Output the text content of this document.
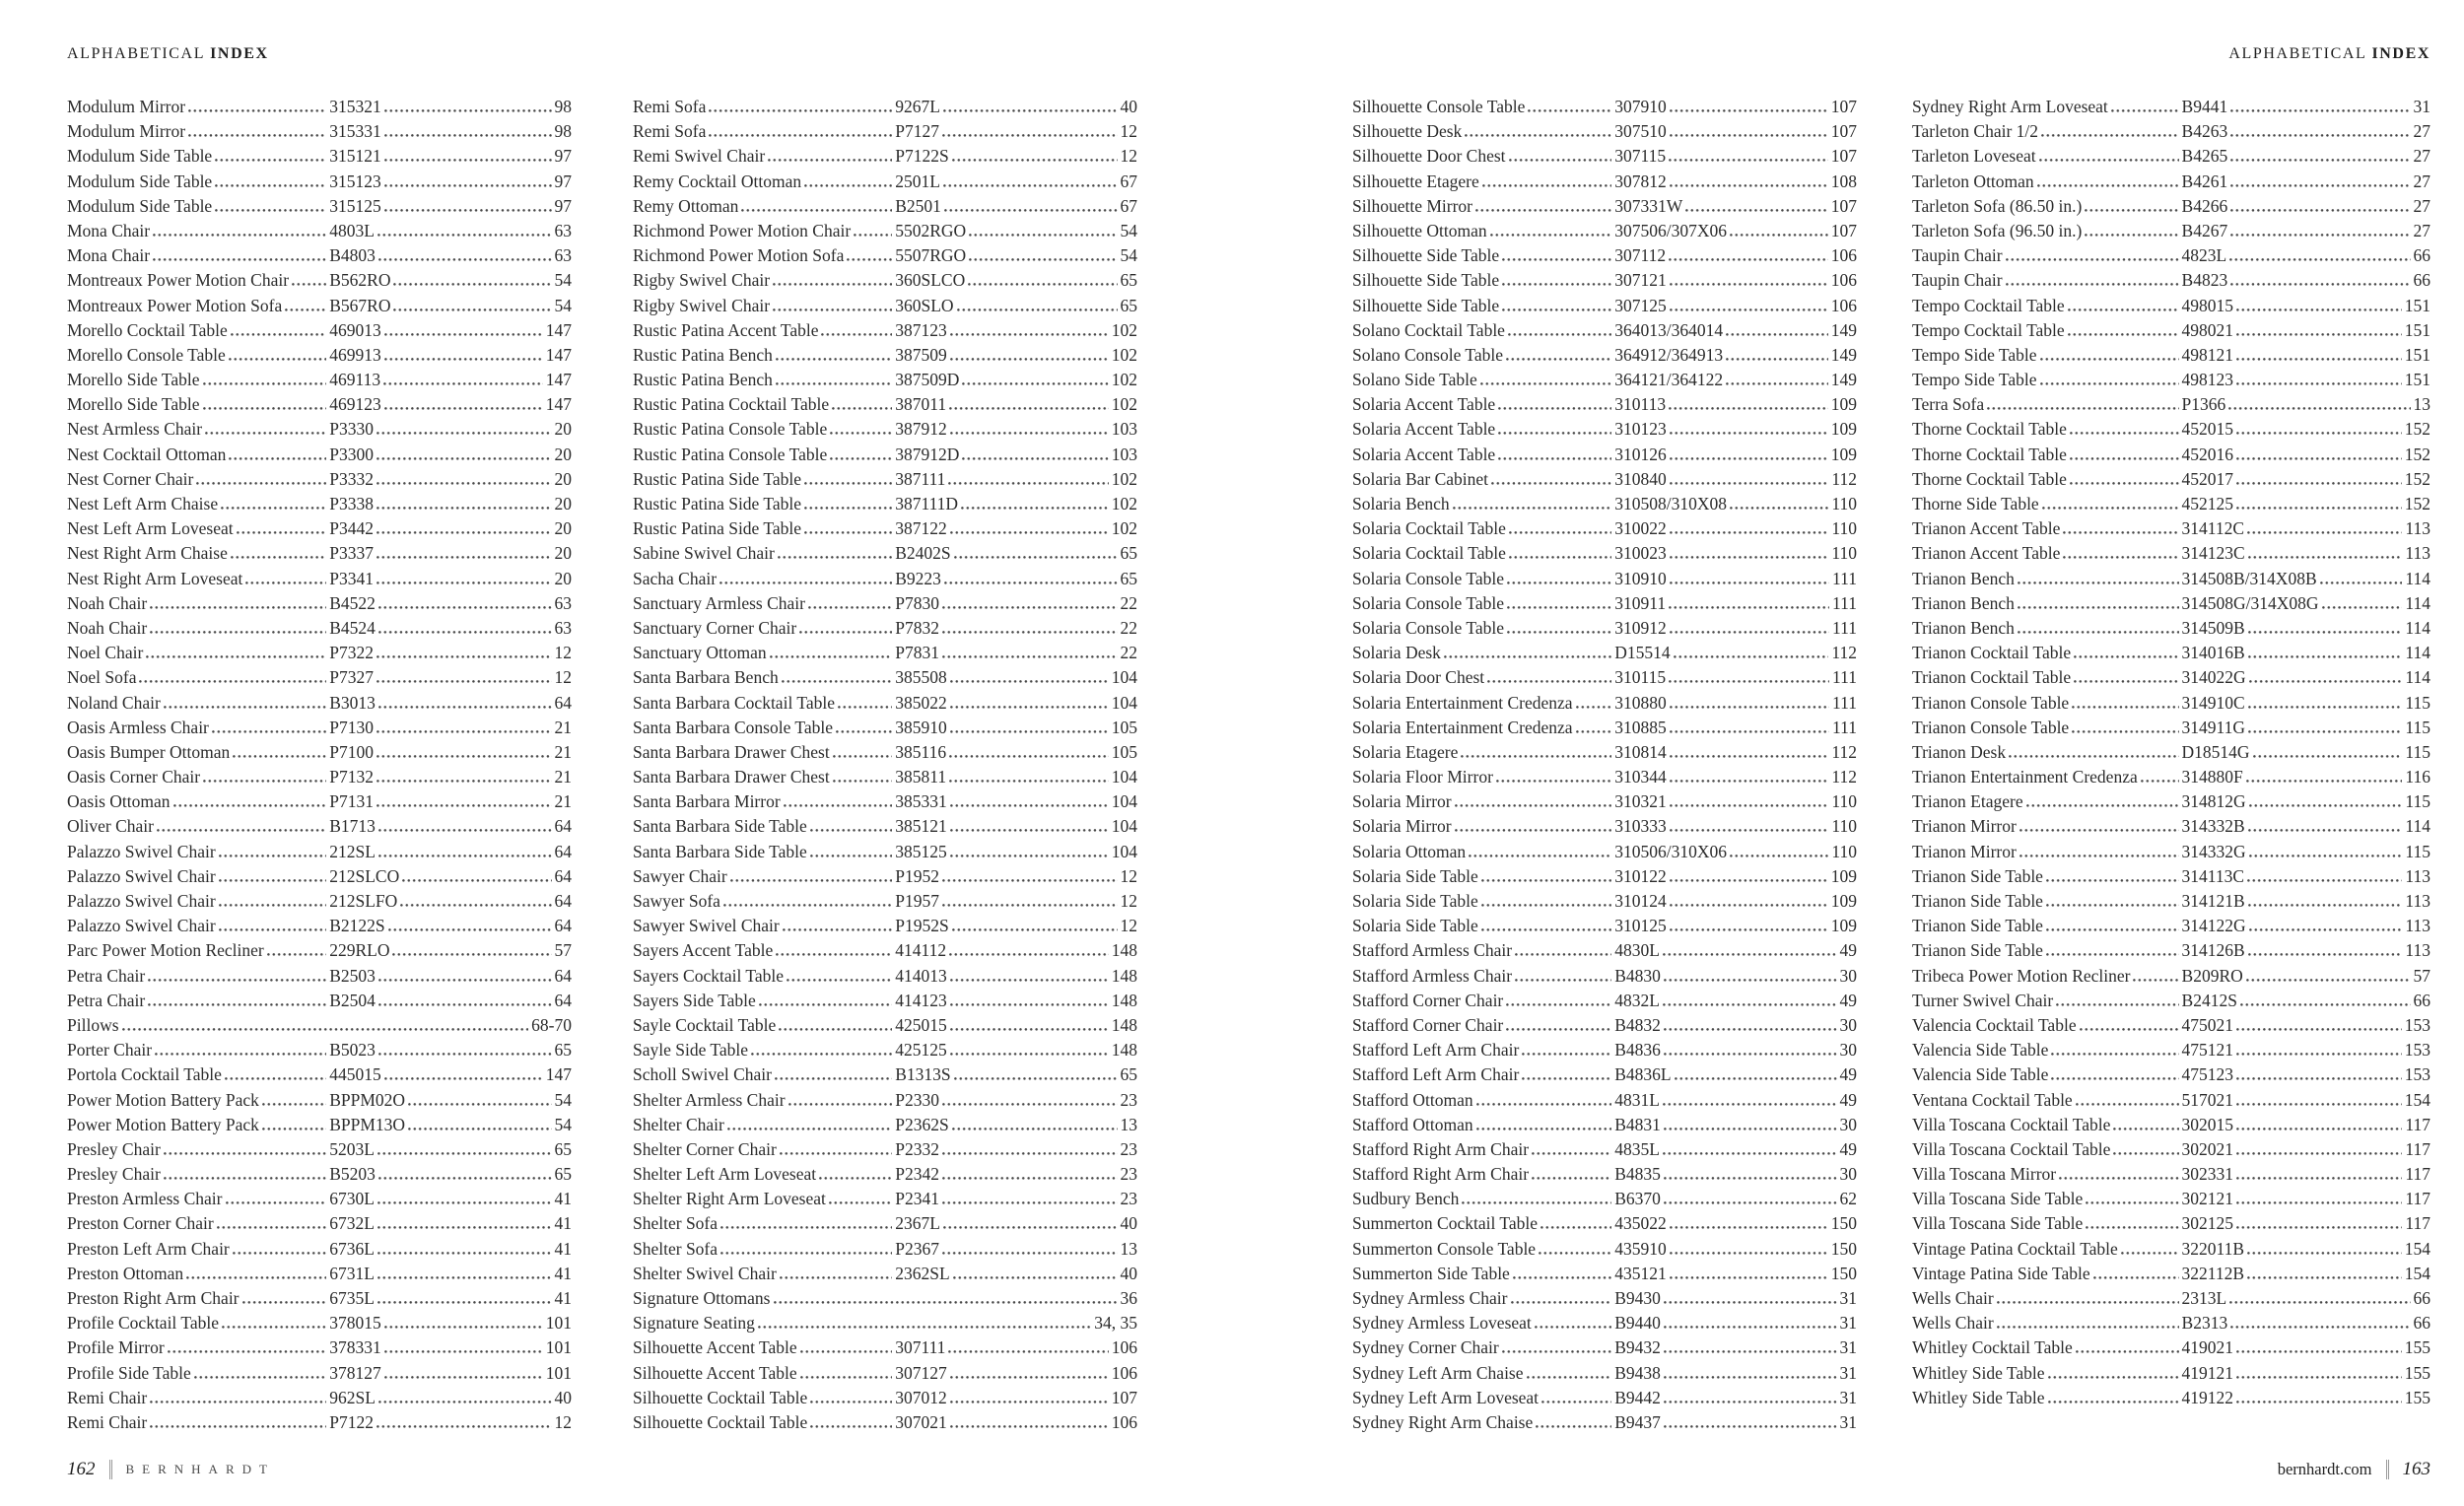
ALPHABETICAL INDEX	ALPHABETICAL INDEX
Modulum Mirror	315321	98
Modulum Mirror	315331	98
Modulum Side Table	315121	97
Modulum Side Table	315123	97
Modulum Side Table	315125	97
Mona Chair	4803L	63
Mona Chair	B4803	63
Montreaux Power Motion Chair B562RO	54
Montreaux Power Motion Sofa	B567RO	54
Morello Cocktail Table	469013	147
Morello Console Table	469913	147
Morello Side Table	469113	147
Morello Side Table	469123	147
Nest Armless Chair	P3330	20
Nest Cocktail Ottoman	P3300	20
Nest Corner Chair	P3332	20
Nest Left Arm Chaise	P3338	20
Nest Left Arm Loveseat	P3442	20
Nest Right Arm Chaise	P3337	20
Nest Right Arm Loveseat	P3341	20
Noah Chair	B4522	63
Noah Chair	B4524	63
Noel Chair	P7322	12
Noel Sofa	P7327	12
Noland Chair	B3013	64
Oasis Armless Chair	P7130	21
Oasis Bumper Ottoman	P7100	21
Oasis Corner Chair	P7132	21
Oasis Ottoman	P7131	21
Oliver Chair	B1713	64
Palazzo Swivel Chair	212SL	64
Palazzo Swivel Chair	212SLCO	64
Palazzo Swivel Chair	212SLFO	64
Palazzo Swivel Chair	B2122S	64
Parc Power Motion Recliner	229RLO	57
Petra Chair	B2503	64
Petra Chair	B2504	64
Pillows	68-70
Porter Chair	B5023	65
Portola Cocktail Table	445015	147
Power Motion Battery Pack	BPPM02O	54
Power Motion Battery Pack	BPPM13O	54
Presley Chair	5203L	65
Presley Chair	B5203	65
Preston Armless Chair	6730L	41
Preston Corner Chair	6732L	41
Preston Left Arm Chair	6736L	41
Preston Ottoman	6731L	41
Preston Right Arm Chair	6735L	41
Profile Cocktail Table	378015	101
Profile Mirror	378331	101
Profile Side Table	378127	101
Remi Chair	962SL	40
Remi Chair	P7122	12
Remi Sofa	9267L	40
Remi Sofa	P7127	12
Remi Swivel Chair	P7122S	12
Remy Cocktail Ottoman	2501L	67
Remy Ottoman	B2501	67
Richmond Power Motion Chair	5502RGO	54
Richmond Power Motion Sofa	5507RGO	54
Rigby Swivel Chair	360SLCO	65
Rigby Swivel Chair	360SLO	65
Rustic Patina Accent Table	387123	102
Rustic Patina Bench	387509	102
Rustic Patina Bench	387509D	102
Rustic Patina Cocktail Table	387011	102
Rustic Patina Console Table	387912	103
Rustic Patina Console Table	387912D	103
Rustic Patina Side Table	387111	102
Rustic Patina Side Table	387111D	102
Rustic Patina Side Table	387122	102
Sabine Swivel Chair	B2402S	65
Sacha Chair	B9223	65
Sanctuary Armless Chair	P7830	22
Sanctuary Corner Chair	P7832	22
Sanctuary Ottoman	P7831	22
Santa Barbara Bench	385508	104
Santa Barbara Cocktail Table	385022	104
Santa Barbara Console Table	385910	105
Santa Barbara Drawer Chest	385116	105
Santa Barbara Drawer Chest	385811	104
Santa Barbara Mirror	385331	104
Santa Barbara Side Table	385121	104
Santa Barbara Side Table	385125	104
Sawyer Chair	P1952	12
Sawyer Sofa	P1957	12
Sawyer Swivel Chair	P1952S	12
Sayers Accent Table	414112	148
Sayers Cocktail Table	414013	148
Sayers Side Table	414123	148
Sayle Cocktail Table	425015	148
Sayle Side Table	425125	148
Scholl Swivel Chair	B1313S	65
Shelter Armless Chair	P2330	23
Shelter Chair	P2362S	13
Shelter Corner Chair	P2332	23
Shelter Left Arm Loveseat	P2342	23
Shelter Right Arm Loveseat	P2341	23
Shelter Sofa	2367L	40
Shelter Sofa	P2367	13
Shelter Swivel Chair	2362SL	40
Signature Ottomans	36
Signature Seating	34, 35
Silhouette Accent Table	307111	106
Silhouette Accent Table	307127	106
Silhouette Cocktail Table	307012	107
Silhouette Cocktail Table	307021	106
Silhouette Console Table	307910	107
Silhouette Desk	307510	107
Silhouette Door Chest	307115	107
Silhouette Etagere	307812	108
Silhouette Mirror	307331W	107
Silhouette Ottoman	307506/307X06	107
Silhouette Side Table	307112	106
Silhouette Side Table	307121	106
Silhouette Side Table	307125	106
Solano Cocktail Table	364013/364014	149
Solano Console Table	364912/364913	149
Solano Side Table	364121/364122	149
Solaria Accent Table	310113	109
Solaria Accent Table	310123	109
Solaria Accent Table	310126	109
Solaria Bar Cabinet	310840	112
Solaria Bench	310508/310X08	110
Solaria Cocktail Table	310022	110
Solaria Cocktail Table	310023	110
Solaria Console Table	310910	111
Solaria Console Table	310911	111
Solaria Console Table	310912	111
Solaria Desk	D15514	112
Solaria Door Chest	310115	111
Solaria Entertainment Credenza 310880	111
Solaria Entertainment Credenza 310885	111
Solaria Etagere	310814	112
Solaria Floor Mirror	310344	112
Solaria Mirror	310321	110
Solaria Mirror	310333	110
Solaria Ottoman	310506/310X06	110
Solaria Side Table	310122	109
Solaria Side Table	310124	109
Solaria Side Table	310125	109
Stafford Armless Chair	4830L	49
Stafford Armless Chair	B4830	30
Stafford Corner Chair	4832L	49
Stafford Corner Chair	B4832	30
Stafford Left Arm Chair	B4836	30
Stafford Left Arm Chair	B4836L	49
Stafford Ottoman	4831L	49
Stafford Ottoman	B4831	30
Stafford Right Arm Chair	4835L	49
Stafford Right Arm Chair	B4835	30
Sudbury Bench	B6370	62
Summerton Cocktail Table	435022	150
Summerton Console Table	435910	150
Summerton Side Table	435121	150
Sydney Armless Chair	B9430	31
Sydney Armless Loveseat	B9440	31
Sydney Corner Chair	B9432	31
Sydney Left Arm Chaise	B9438	31
Sydney Left Arm Loveseat	B9442	31
Sydney Right Arm Chaise	B9437	31
Sydney Right Arm Loveseat	B9441	31
Tarleton Chair 1/2	B4263	27
Tarleton Loveseat	B4265	27
Tarleton Ottoman	B4261	27
Tarleton Sofa (86.50 in.)	B4266	27
Tarleton Sofa (96.50 in.)	B4267	27
Taupin Chair	4823L	66
Taupin Chair	B4823	66
Tempo Cocktail Table	498015	151
Tempo Cocktail Table	498021	151
Tempo Side Table	498121	151
Tempo Side Table	498123	151
Terra Sofa	P1366	13
Thorne Cocktail Table	452015	152
Thorne Cocktail Table	452016	152
Thorne Cocktail Table	452017	152
Thorne Side Table	452125	152
Trianon Accent Table	314112C	113
Trianon Accent Table	314123C	113
Trianon Bench	314508B/314X08B	114
Trianon Bench	314508G/314X08G	114
Trianon Bench	314509B	114
Trianon Cocktail Table	314016B	114
Trianon Cocktail Table	314022G	114
Trianon Console Table	314910C	115
Trianon Console Table	314911G	115
Trianon Desk	D18514G	115
Trianon Entertainment Credenza	314880F	116
Trianon Etagere	314812G	115
Trianon Mirror	314332B	114
Trianon Mirror	314332G	115
Trianon Side Table	314113C	113
Trianon Side Table	314121B	113
Trianon Side Table	314122G	113
Trianon Side Table	314126B	113
Tribeca Power Motion Recliner	B209RO	57
Turner Swivel Chair	B2412S	66
Valencia Cocktail Table	475021	153
Valencia Side Table	475121	153
Valencia Side Table	475123	153
Ventana Cocktail Table	517021	154
Villa Toscana Cocktail Table	302015	117
Villa Toscana Cocktail Table	302021	117
Villa Toscana Mirror	302331	117
Villa Toscana Side Table	302121	117
Villa Toscana Side Table	302125	117
Vintage Patina Cocktail Table	322011B	154
Vintage Patina Side Table	322112B	154
Wells Chair	2313L	66
Wells Chair	B2313	66
Whitley Cocktail Table	419021	155
Whitley Side Table	419121	155
Whitley Side Table	419122	155
162 BERNHARDT	bernhardt.com 163
